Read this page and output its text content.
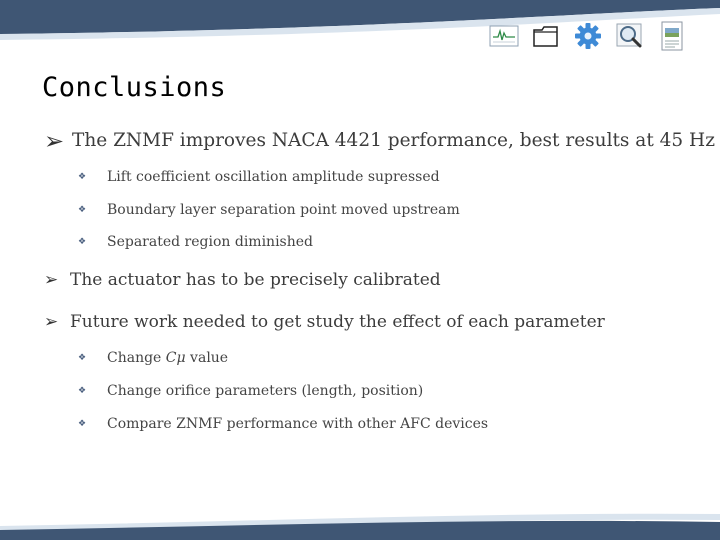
Conclusions
➢ The ZNMF improves NACA 4421 performance, best results at 45 Hz
❖	Lift coefficient oscillation amplitude supressed
❖	Boundary layer separation point moved upstream
❖	Separated region diminished
➢ The actuator has to be precisely calibrated
➢ Future work needed to get study the effect of each parameter
❖	Change Cμ value
❖	Change orifice parameters (length, position)
❖	Compare ZNMF performance with other AFC devices
